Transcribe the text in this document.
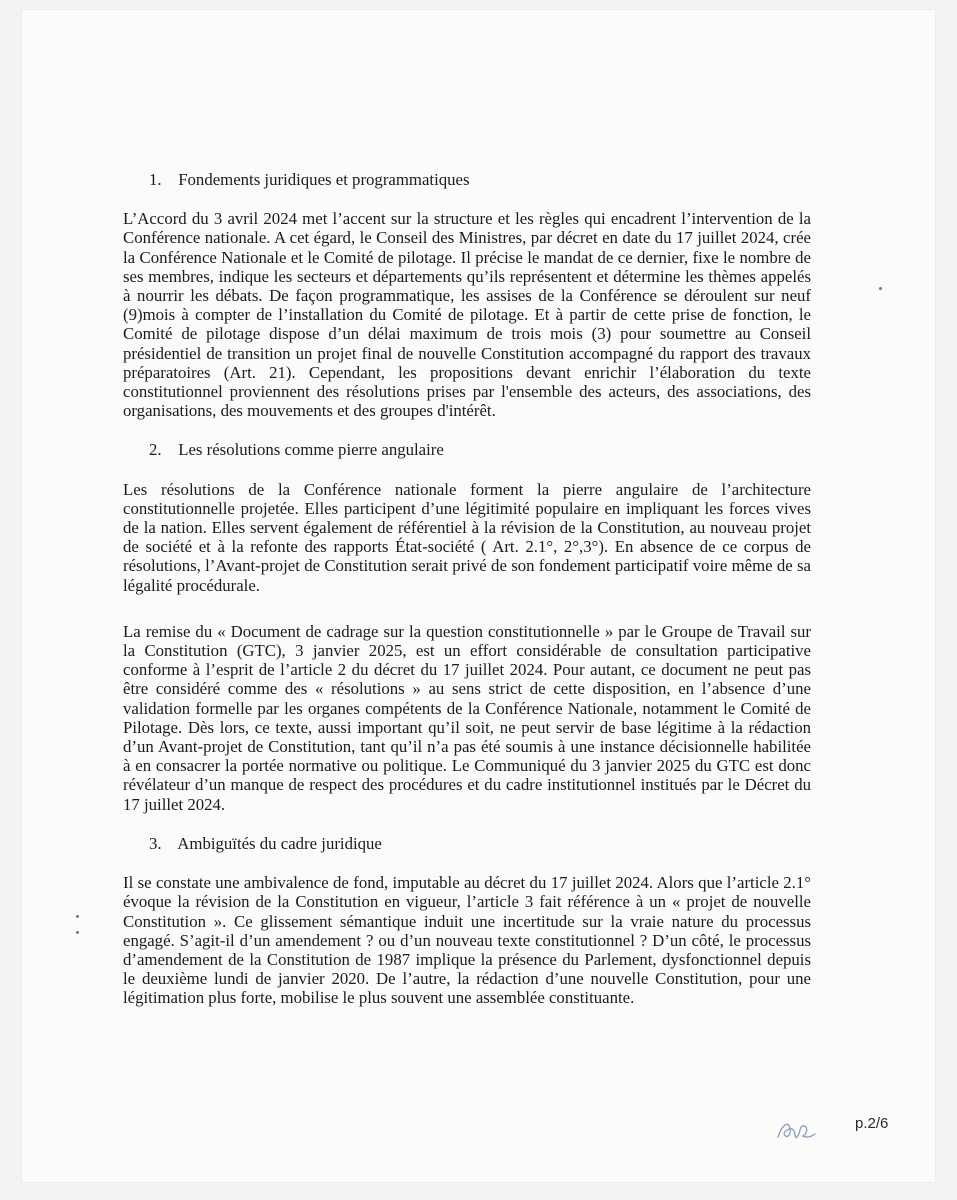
1. Fondements juridiques et programmatiques

L’Accord du 3 avril 2024 met l’accent sur la structure et les règles qui encadrent l’intervention de la Conférence nationale. A cet égard, le Conseil des Ministres, par décret en date du 17 juillet 2024, crée la Conférence Nationale et le Comité de pilotage. Il précise le mandat de ce dernier, fixe le nombre de ses membres, indique les secteurs et départements qu’ils représentent et détermine les thèmes appelés à nourrir les débats. De façon programmatique, les assises de la Conférence se déroulent sur neuf (9)mois à compter de l’installation du Comité de pilotage. Et à partir de cette prise de fonction, le Comité de pilotage dispose d’un délai maximum de trois mois (3) pour soumettre au Conseil présidentiel de transition un projet final de nouvelle Constitution accompagné du rapport des travaux préparatoires (Art. 21). Cependant, les propositions devant enrichir l’élaboration du texte constitutionnel proviennent des résolutions prises par l'ensemble des acteurs, des associations, des organisations, des mouvements et des groupes d'intérêt.

2. Les résolutions comme pierre angulaire

Les résolutions de la Conférence nationale forment la pierre angulaire de l’architecture constitutionnelle projetée. Elles participent d’une légitimité populaire en impliquant les forces vives de la nation. Elles servent également de référentiel à la révision de la Constitution, au nouveau projet de société et à la refonte des rapports État-société ( Art. 2.1°, 2°,3°). En absence de ce corpus de résolutions, l’Avant-projet de Constitution serait privé de son fondement participatif voire même de sa légalité procédurale.

La remise du « Document de cadrage sur la question constitutionnelle » par le Groupe de Travail sur la Constitution (GTC), 3 janvier 2025, est un effort considérable de consultation participative conforme à l’esprit de l’article 2 du décret du 17 juillet 2024. Pour autant, ce document ne peut pas être considéré comme des « résolutions » au sens strict de cette disposition, en l’absence d’une validation formelle par les organes compétents de la Conférence Nationale, notamment le Comité de Pilotage. Dès lors, ce texte, aussi important qu’il soit, ne peut servir de base légitime à la rédaction d’un Avant-projet de Constitution, tant qu’il n’a pas été soumis à une instance décisionnelle habilitée à en consacrer la portée normative ou politique. Le Communiqué du 3 janvier 2025 du GTC est donc révélateur d’un manque de respect des procédures et du cadre institutionnel institués par le Décret du 17 juillet 2024.

3. Ambiguïtés du cadre juridique

Il se constate une ambivalence de fond, imputable au décret du 17 juillet 2024. Alors que l’article 2.1° évoque la révision de la Constitution en vigueur, l’article 3 fait référence à un « projet de nouvelle Constitution ». Ce glissement sémantique induit une incertitude sur la vraie nature du processus engagé. S’agit-il d’un amendement ? ou d’un nouveau texte constitutionnel ? D’un côté, le processus d’amendement de la Constitution de 1987 implique la présence du Parlement, dysfonctionnel depuis le deuxième lundi de janvier 2020. De l’autre, la rédaction d’une nouvelle Constitution, pour une légitimation plus forte, mobilise le plus souvent une assemblée constituante.

p.2/6
